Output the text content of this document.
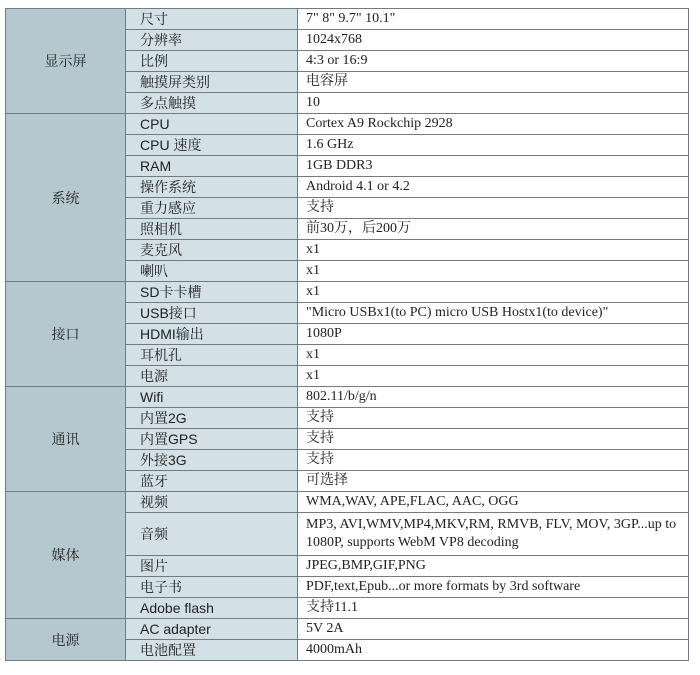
显示屏	尺寸	7" 8" 9.7" 10.1"
	分辨率	1024x768
	比例	4:3 or 16:9
	触摸屏类别	电容屏
	多点触摸	10
系统	CPU	Cortex A9 Rockchip 2928
	CPU 速度	1.6 GHz
	RAM	1GB DDR3
	操作系统	Android 4.1 or 4.2
	重力感应	支持
	照相机	前30万，后200万
	麦克风	x1
	喇叭	x1
接口	SD卡卡槽	x1
	USB接口	"Micro USBx1(to PC) micro USB Hostx1(to device)"
	HDMI输出	1080P
	耳机孔	x1
	电源	x1
通讯	Wifi	802.11/b/g/n
	内置2G	支持
	内置GPS	支持
	外接3G	支持
	蓝牙	可选择
媒体	视频	WMA,WAV, APE,FLAC, AAC, OGG
	音频	MP3, AVI,WMV,MP4,MKV,RM, RMVB, FLV, MOV, 3GP...up to 1080P, supports WebM VP8 decoding
	图片	JPEG,BMP,GIF,PNG
	电子书	PDF,text,Epub...or more formats by 3rd software
	Adobe flash	支持11.1
电源	AC adapter	5V 2A
	电池配置	4000mAh
